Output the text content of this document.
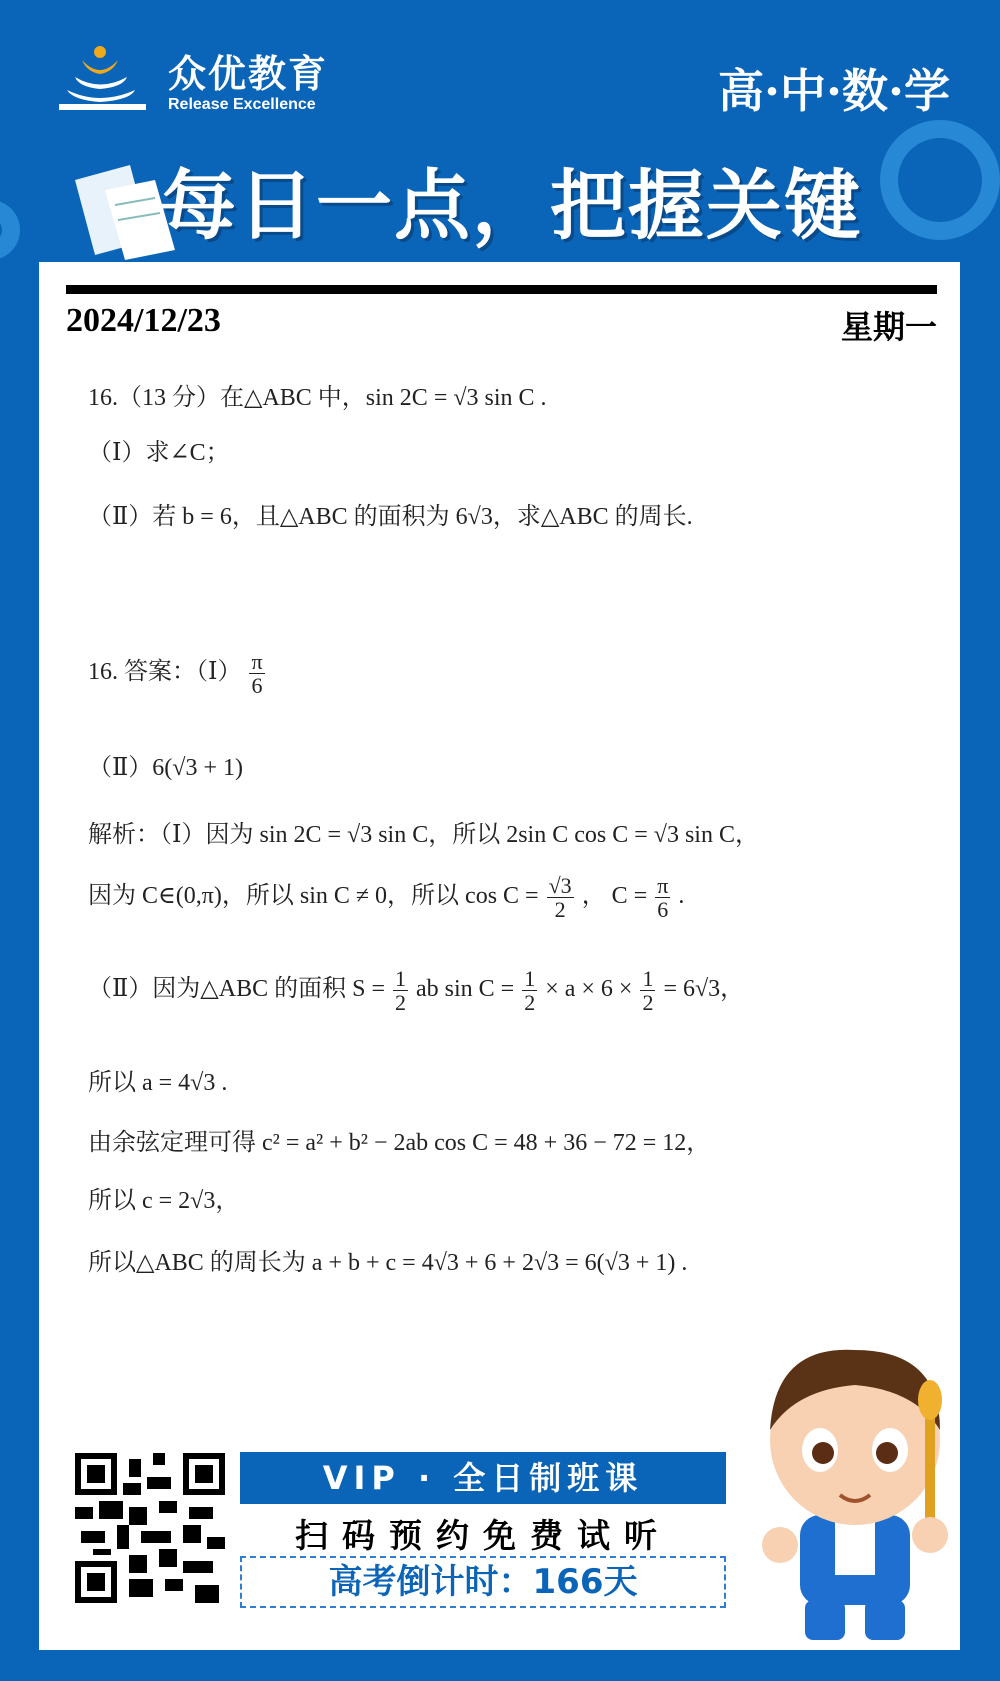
众优教育
Release Excellence	高·中·数·学
每日一点，把握关键
2024/12/23	星期一
16.（13 分）在△ABC 中，sin 2C = √3 sin C .
（Ⅰ）求∠C；
（Ⅱ）若 b = 6，且△ABC 的面积为 6√3，求△ABC 的周长.
16. 答案：（Ⅰ） $\frac{\pi}{6}$
（Ⅱ）6(√3 + 1)
解析：（Ⅰ）因为 sin 2C = √3 sin C，所以 2sin C cos C = √3 sin C，
因为 C∈(0,π)，所以 sin C ≠ 0，所以 $\cos C = \frac{√3}{2}$ ， $C = \frac{\pi}{6}$ .
（Ⅱ）因为△ABC 的面积 $S = \frac{1}{2}$ ab $\sin C = \frac{1}{2} \times a \times 6 \times \frac{1}{2} = 6√3$，
所以 a = 4√3 .
由余弦定理可得 c² = a² + b² − 2ab cos C = 48 + 36 − 72 = 12，
所以 c = 2√3，
所以△ABC 的周长为 a + b + c = 4√3 + 6 + 2√3 = 6(√3 + 1) .
VIP · 全日制班课
扫码预约免费试听
高考倒计时：166天
